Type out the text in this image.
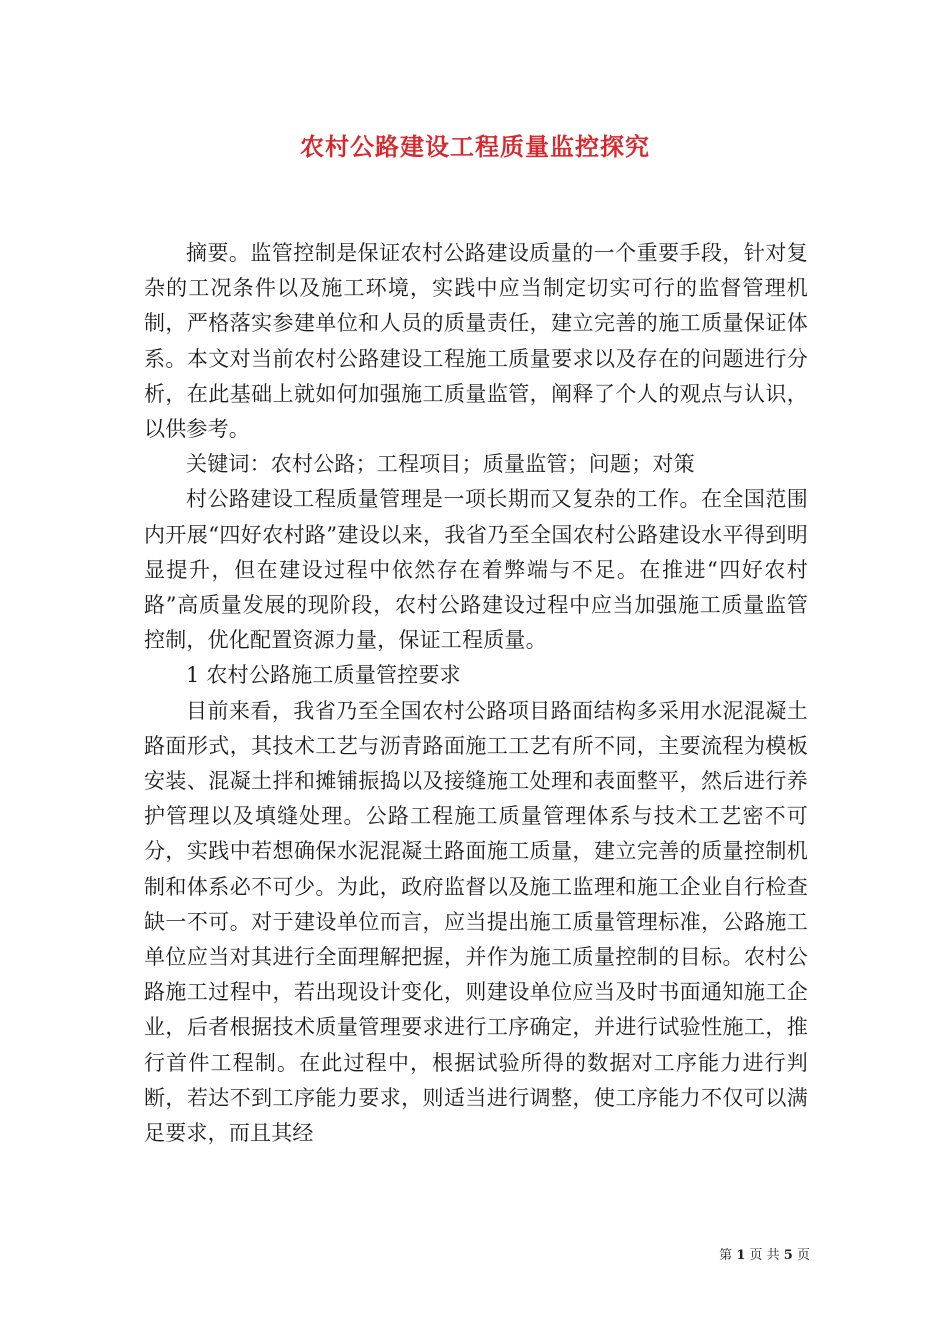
农村公路建设工程质量监控探究

摘要。监管控制是保证农村公路建设质量的一个重要手段，针对复杂的工况条件以及施工环境，实践中应当制定切实可行的监督管理机制，严格落实参建单位和人员的质量责任，建立完善的施工质量保证体系。本文对当前农村公路建设工程施工质量要求以及存在的问题进行分析，在此基础上就如何加强施工质量监管，阐释了个人的观点与认识，以供参考。

关键词：农村公路；工程项目；质量监管；问题；对策

村公路建设工程质量管理是一项长期而又复杂的工作。在全国范围内开展“四好农村路”建设以来，我省乃至全国农村公路建设水平得到明显提升，但在建设过程中依然存在着弊端与不足。在推进“四好农村路”高质量发展的现阶段，农村公路建设过程中应当加强施工质量监管控制，优化配置资源力量，保证工程质量。

1 农村公路施工质量管控要求

目前来看，我省乃至全国农村公路项目路面结构多采用水泥混凝土路面形式，其技术工艺与沥青路面施工工艺有所不同，主要流程为模板安装、混凝土拌和摊铺振捣以及接缝施工处理和表面整平，然后进行养护管理以及填缝处理。公路工程施工质量管理体系与技术工艺密不可分，实践中若想确保水泥混凝土路面施工质量，建立完善的质量控制机制和体系必不可少。为此，政府监督以及施工监理和施工企业自行检查缺一不可。对于建设单位而言，应当提出施工质量管理标准，公路施工单位应当对其进行全面理解把握，并作为施工质量控制的目标。农村公路施工过程中，若出现设计变化，则建设单位应当及时书面通知施工企业，后者根据技术质量管理要求进行工序确定，并进行试验性施工，推行首件工程制。在此过程中，根据试验所得的数据对工序能力进行判断，若达不到工序能力要求，则适当进行调整，使工序能力不仅可以满足要求，而且其经

第 1 页 共 5 页
